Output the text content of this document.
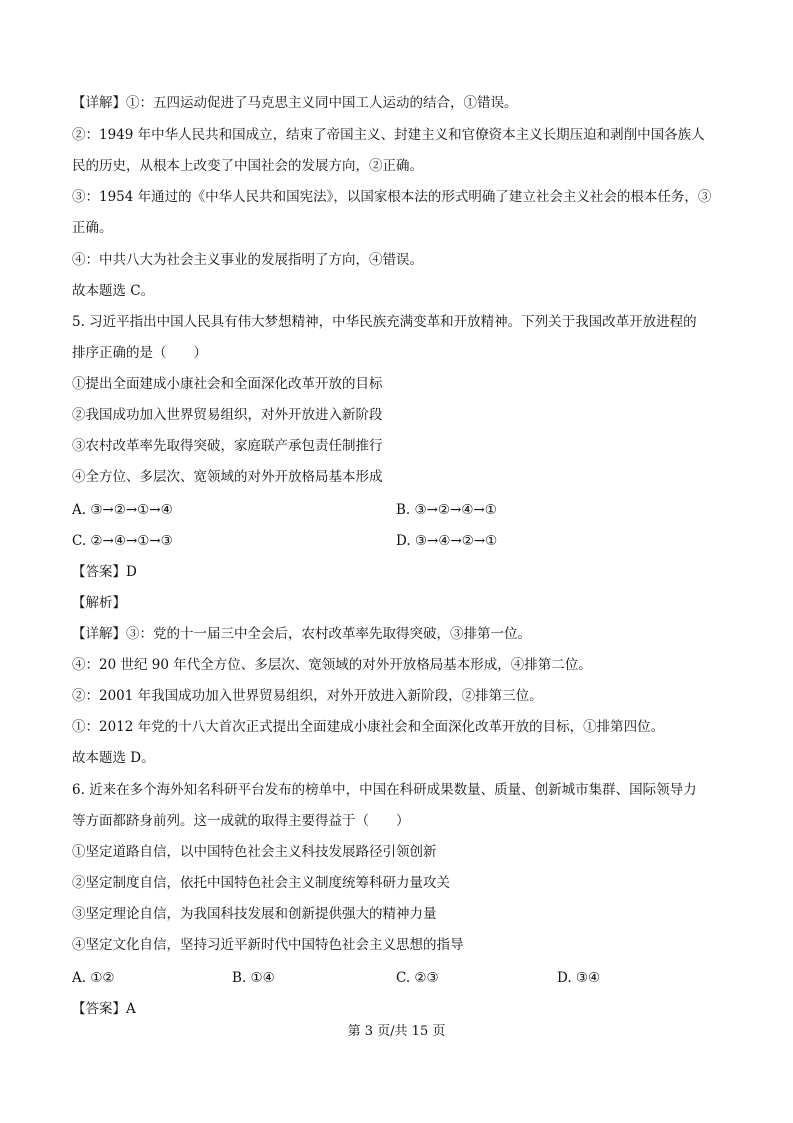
【详解】①：五四运动促进了马克思主义同中国工人运动的结合，①错误。
②：1949 年中华人民共和国成立，结束了帝国主义、封建主义和官僚资本主义长期压迫和剥削中国各族人
民的历史，从根本上改变了中国社会的发展方向，②正确。
③：1954 年通过的《中华人民共和国宪法》，以国家根本法的形式明确了建立社会主义社会的根本任务，③
正确。
④：中共八大为社会主义事业的发展指明了方向，④错误。
故本题选 C。
5. 习近平指出中国人民具有伟大梦想精神，中华民族充满变革和开放精神。下列关于我国改革开放进程的
排序正确的是（　　）
①提出全面建成小康社会和全面深化改革开放的目标
②我国成功加入世界贸易组织，对外开放进入新阶段
③农村改革率先取得突破，家庭联产承包责任制推行
④全方位、多层次、宽领域的对外开放格局基本形成
A. ③→②→①→④	B. ③→②→④→①
C. ②→④→①→③	D. ③→④→②→①
【答案】D
【解析】
【详解】③：党的十一届三中全会后，农村改革率先取得突破，③排第一位。
④：20 世纪 90 年代全方位、多层次、宽领域的对外开放格局基本形成，④排第二位。
②：2001 年我国成功加入世界贸易组织，对外开放进入新阶段，②排第三位。
①：2012 年党的十八大首次正式提出全面建成小康社会和全面深化改革开放的目标，①排第四位。
故本题选 D。
6. 近来在多个海外知名科研平台发布的榜单中，中国在科研成果数量、质量、创新城市集群、国际领导力
等方面都跻身前列。这一成就的取得主要得益于（　　）
①坚定道路自信，以中国特色社会主义科技发展路径引领创新
②坚定制度自信，依托中国特色社会主义制度统筹科研力量攻关
③坚定理论自信，为我国科技发展和创新提供强大的精神力量
④坚定文化自信，坚持习近平新时代中国特色社会主义思想的指导
A. ①②	B. ①④	C. ②③	D. ③④
【答案】A
第 3 页/共 15 页
